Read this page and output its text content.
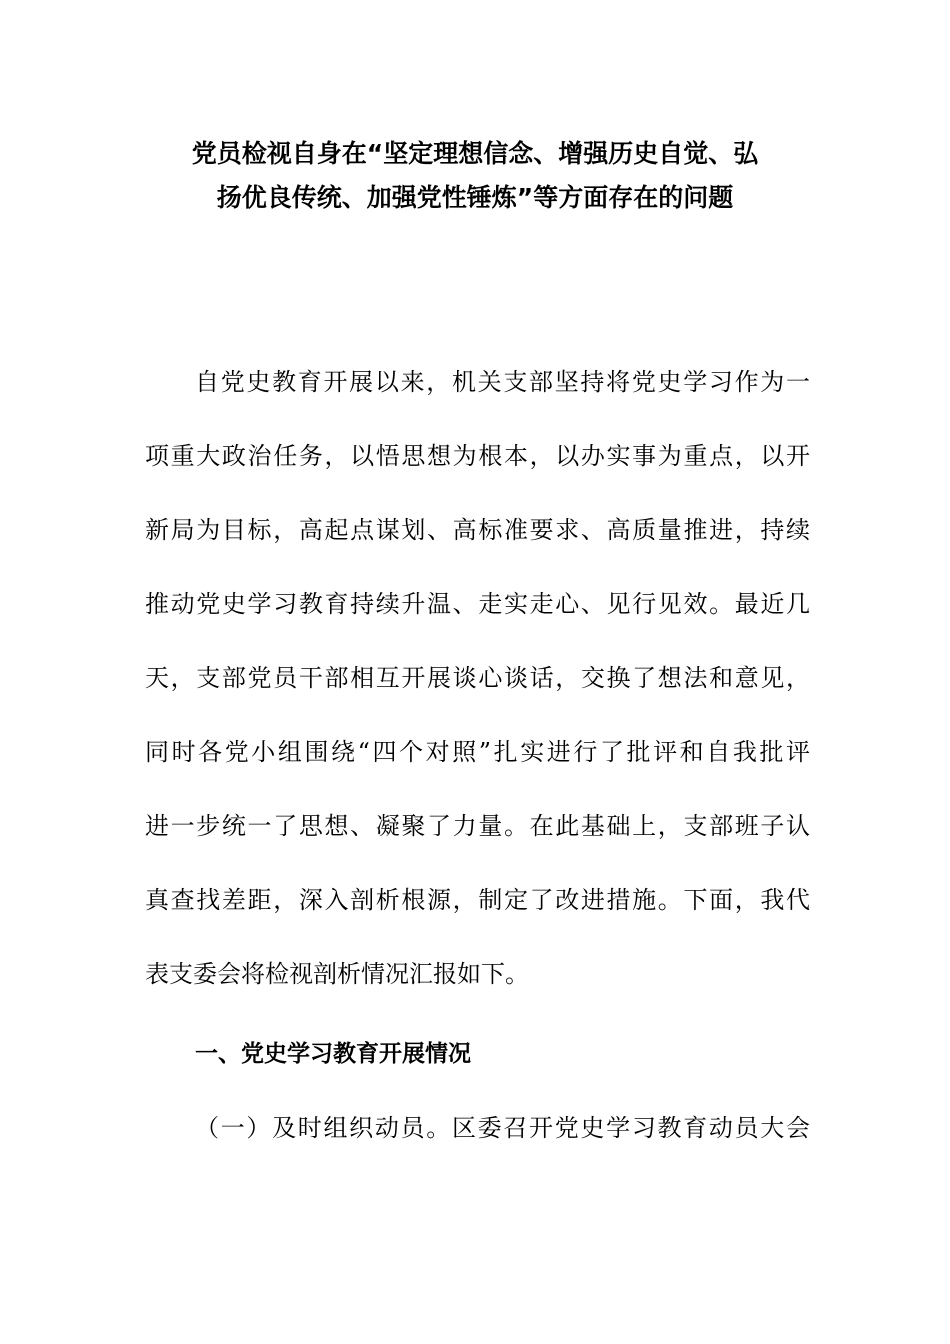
党员检视自身在“坚定理想信念、增强历史自觉、弘
扬优良传统、加强党性锤炼”等方面存在的问题
自党史教育开展以来，机关支部坚持将党史学习作为一
项重大政治任务，以悟思想为根本，以办实事为重点，以开
新局为目标，高起点谋划、高标准要求、高质量推进，持续
推动党史学习教育持续升温、走实走心、见行见效。最近几
天，支部党员干部相互开展谈心谈话，交换了想法和意见，
同时各党小组围绕“四个对照”扎实进行了批评和自我批评
进一步统一了思想、凝聚了力量。在此基础上，支部班子认
真查找差距，深入剖析根源，制定了改进措施。下面，我代
表支委会将检视剖析情况汇报如下。
一、党史学习教育开展情况
（一）及时组织动员。区委召开党史学习教育动员大会
